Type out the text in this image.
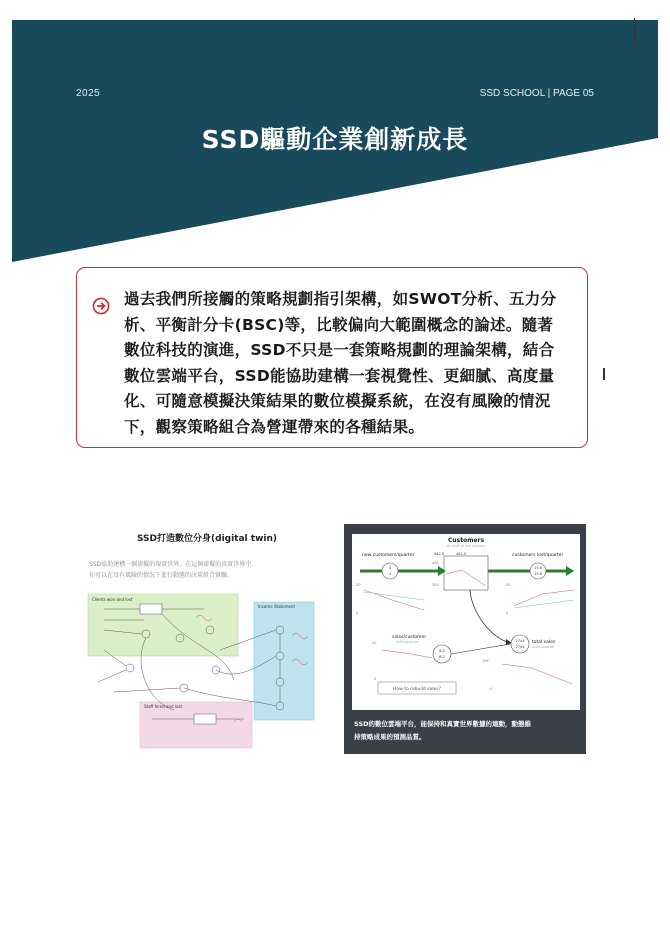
2025	SSD SCHOOL | PAGE 05
SSD驅動企業創新成長
過去我們所接觸的策略規劃指引架構，如SWOT分析、五力分
析、平衡計分卡(BSC)等，比較偏向大範圍概念的論述。隨著
數位科技的演進，SSD不只是一套策略規劃的理論架構，結合
數位雲端平台，SSD能協助建構一套視覺性、更細膩、高度量
化、可隨意模擬決策結果的數位模擬系統，在沒有風險的情況
下，觀察策略組合為營運帶來的各種結果。
SSD打造數位分身(digital twin)
SSD協助建構一個虛擬的現實世界，在這個虛擬的真實世界中，
你可以在沒有風險的情況下進行動態的決策組合實驗。
Clients won and lost
Income Statement
Staff hired and lost
Customers
at start of the quarter
442.5	442.5
400
300
new customers/quarter
4
4
20
0
customers lost/quarter
15.6
15.6
20
0
sales/customer
units/quarter
6.2
6.2
20
0
2744
2744
total sales
units/quarter
10K
0
How to rebuild sales?
SSD的數位雲端平台，能保持和真實世界數據的連動，動態維
持策略成果的預測品質。
